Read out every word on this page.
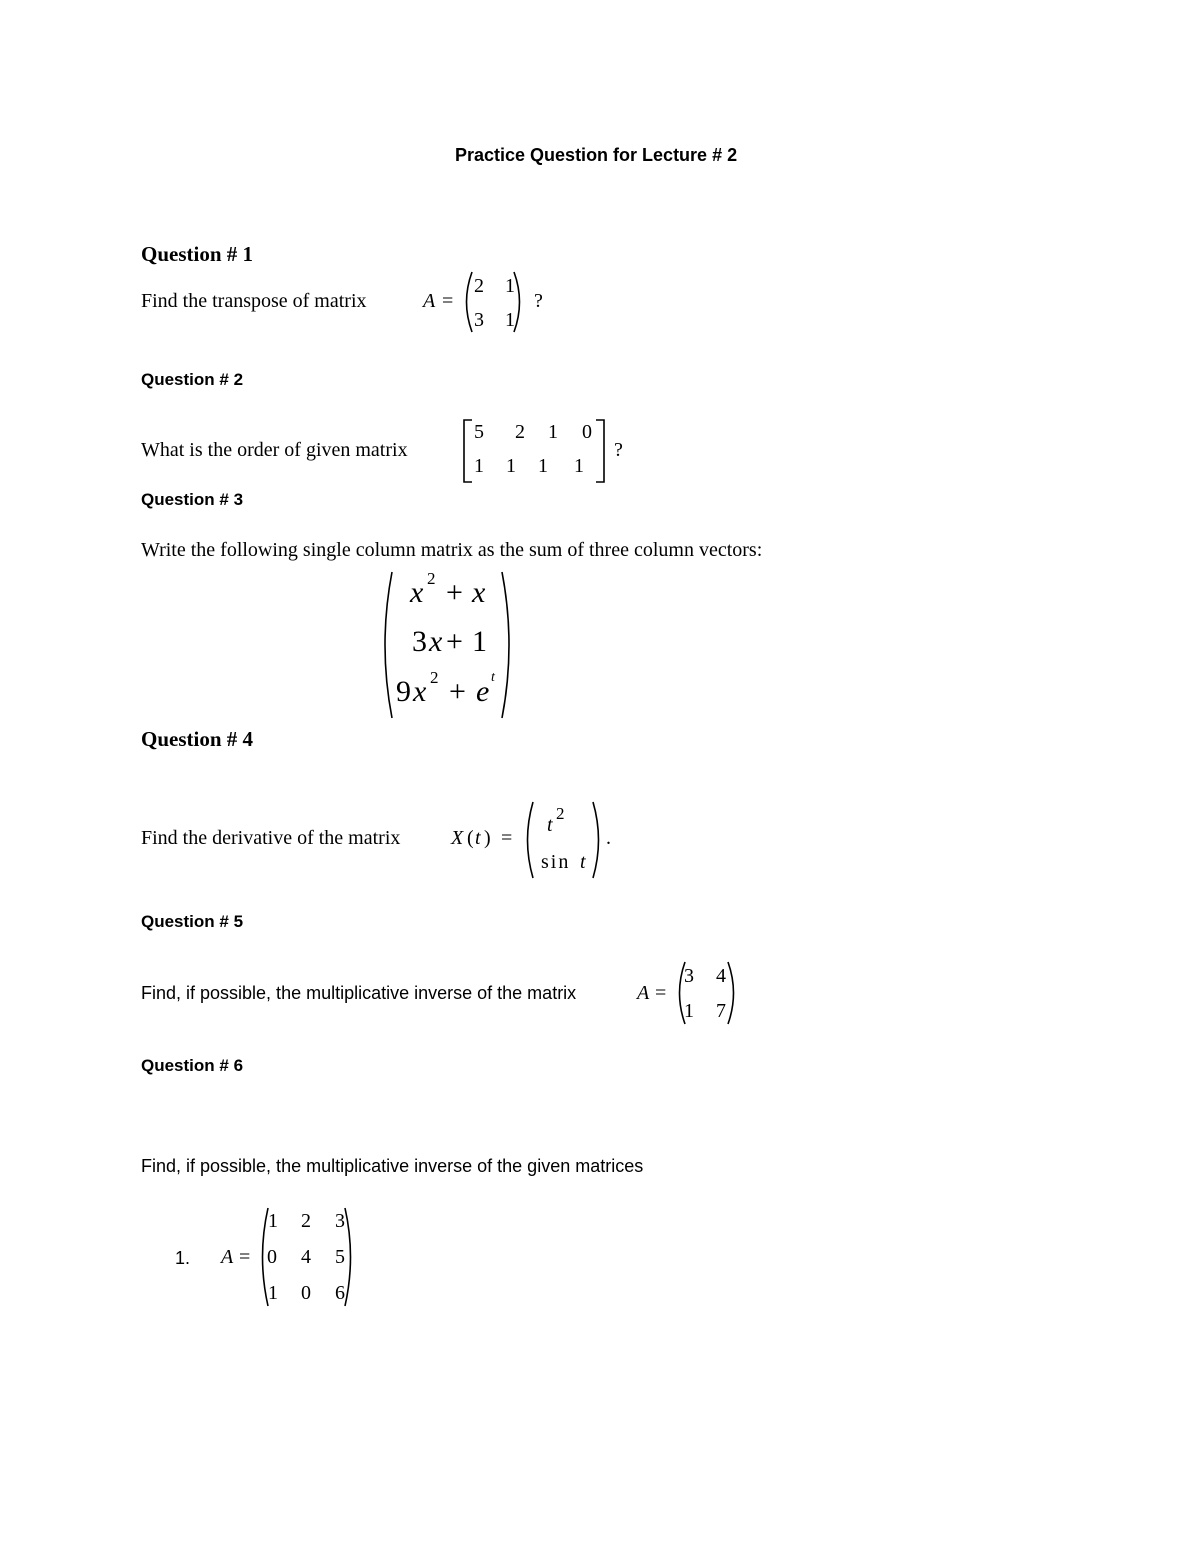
Practice Question for Lecture # 2
Question # 1
Find the transpose of matrix	A =
2 1
3 1
?
Question # 2
What is the order of given matrix
5 2 1 0
1 1 1 1
?
Question # 3
Write the following single column matrix as the sum of three column vectors:
x 2 + x
3 x + 1
9 x 2 + e t
Question # 4
Find the derivative of the matrix	X ( t ) =
t
2
sin t
.
Question # 5
Find, if possible, the multiplicative inverse of the matrix	A =
3 4
1 7
Question # 6
Find, if possible, the multiplicative inverse of the given matrices
1. A =
1 2 3
0 4 5
1 0 6
